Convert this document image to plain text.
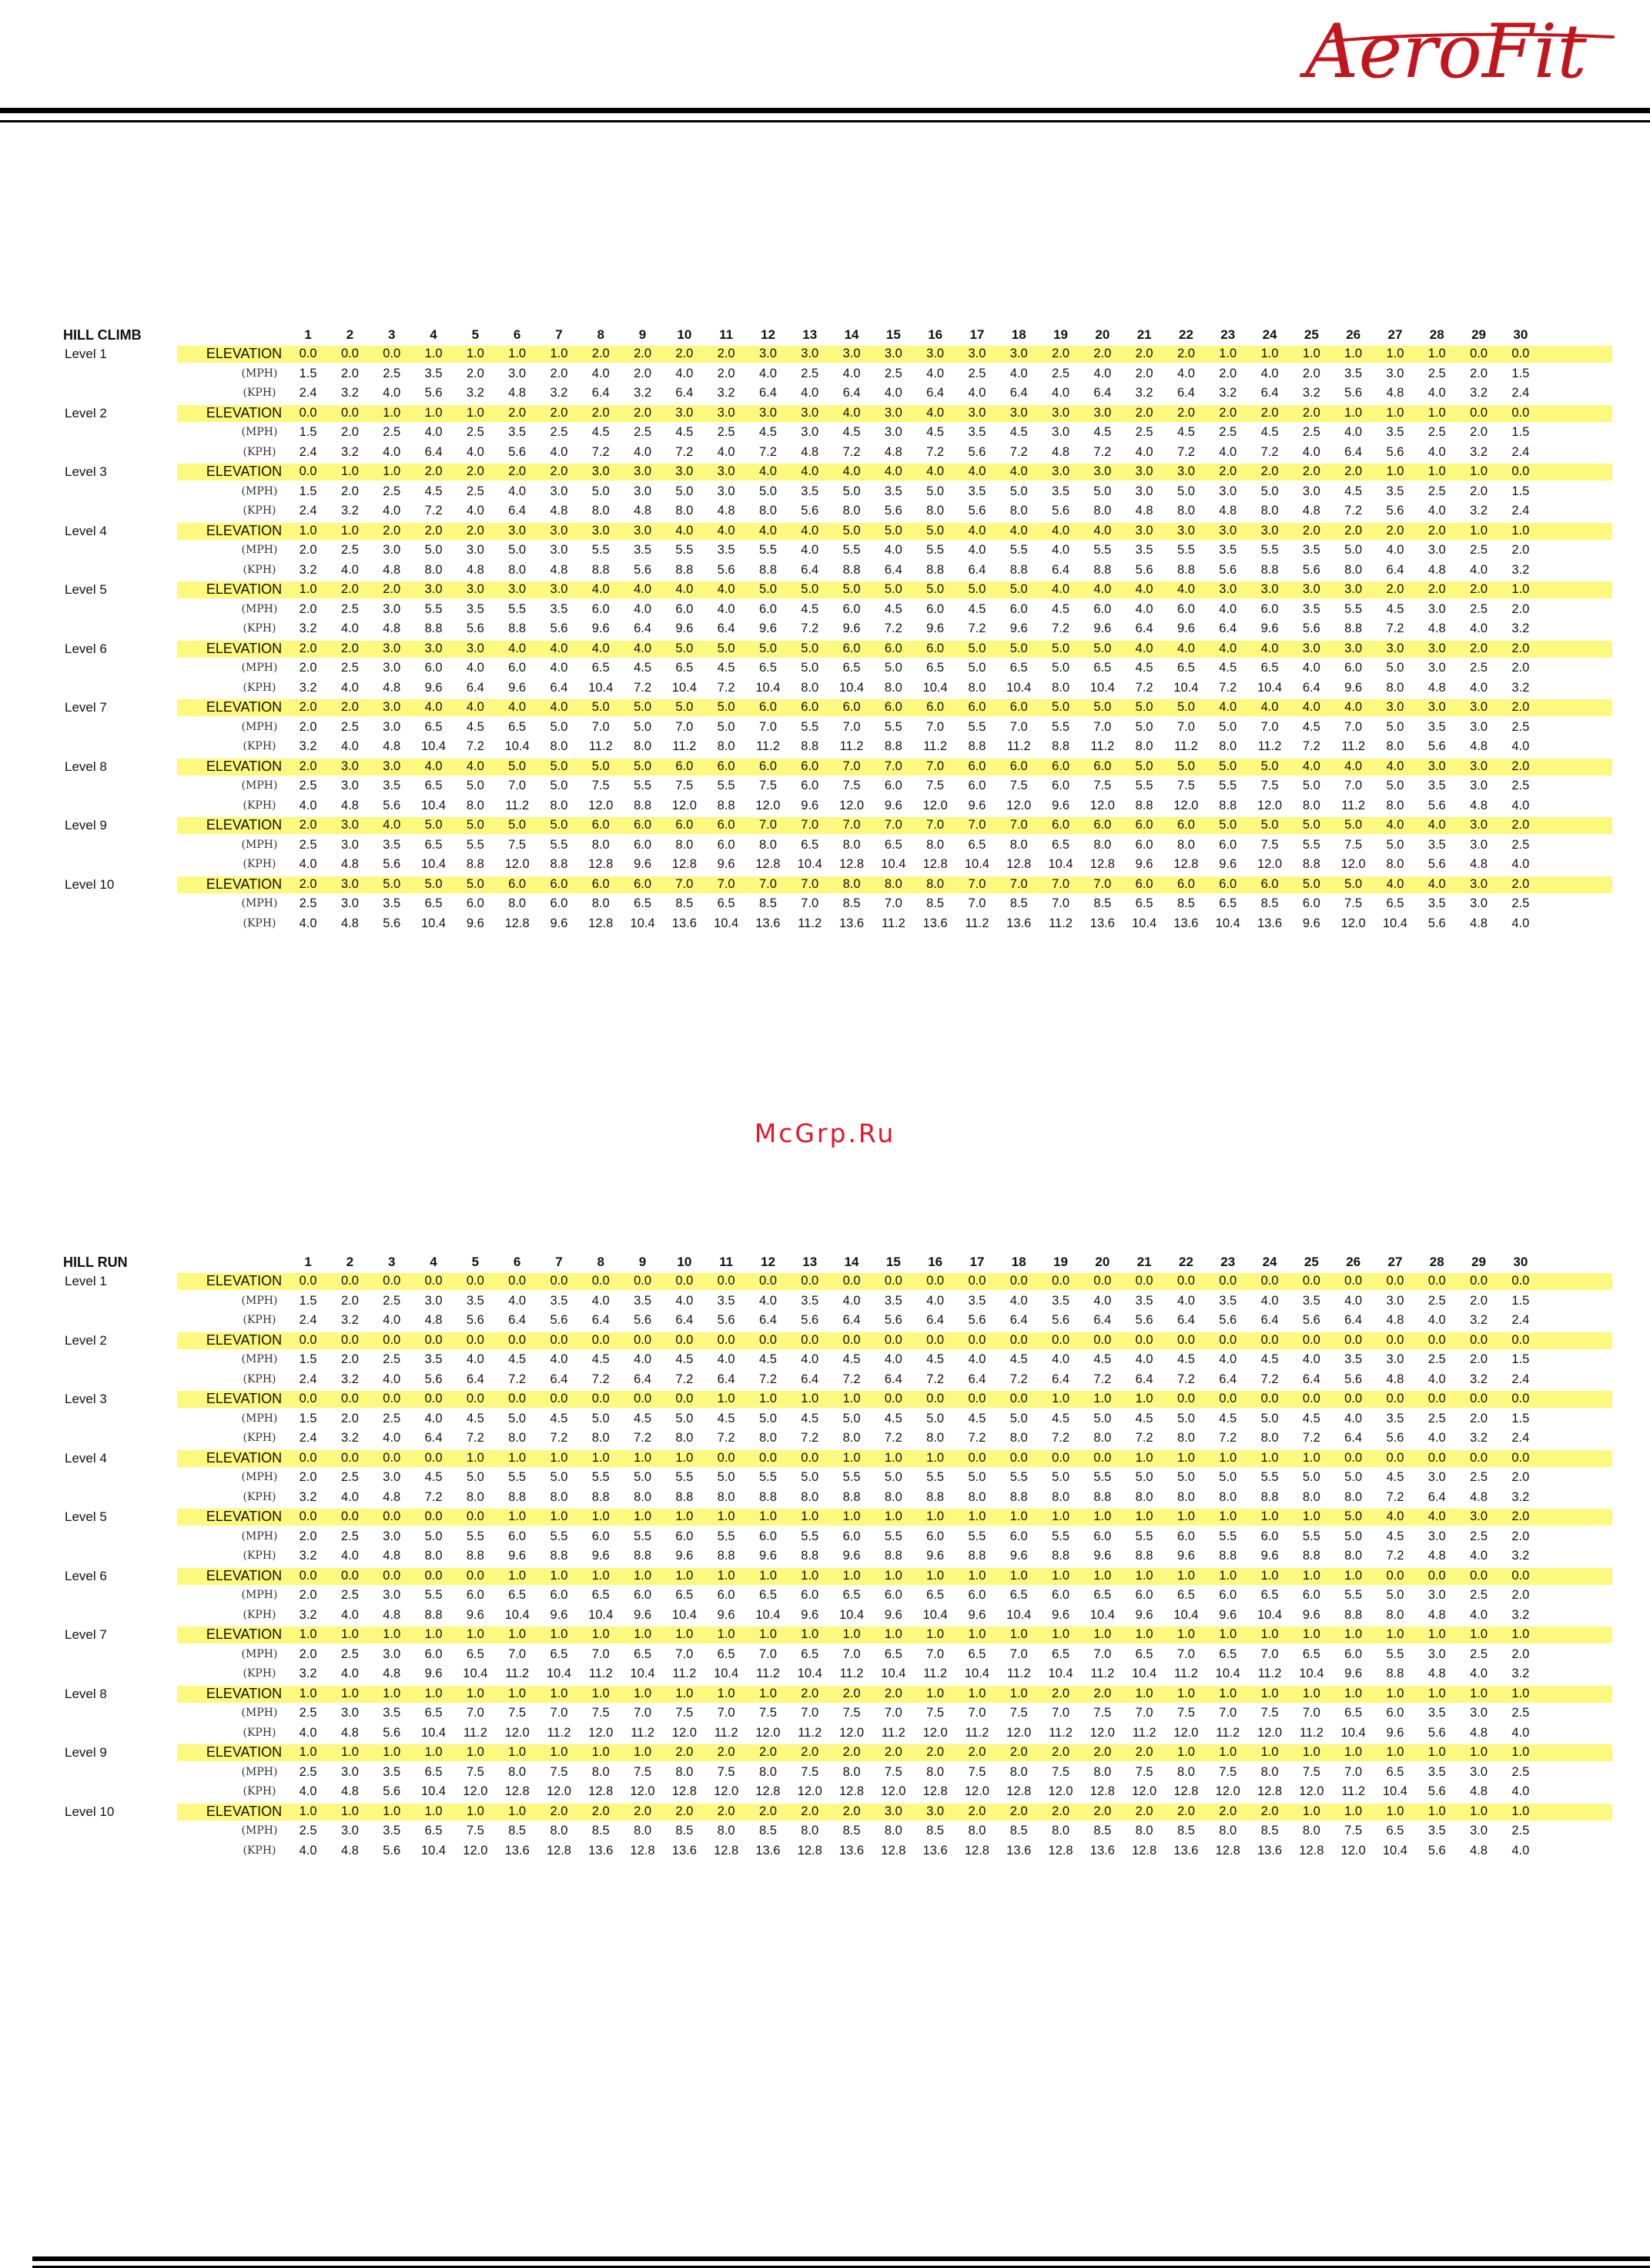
AeroFit
HILL CLIMB	1	2	3	4	5	6	7	8	9	10	11	12	13	14	15	16	17	18	19	20	21	22	23	24	25	26	27	28	29	30
Level 1	ELEVATION	0.0	0.0	0.0	1.0	1.0	1.0	1.0	2.0	2.0	2.0	2.0	3.0	3.0	3.0	3.0	3.0	3.0	3.0	2.0	2.0	2.0	2.0	1.0	1.0	1.0	1.0	1.0	1.0	0.0	0.0
(MPH)	1.5	2.0	2.5	3.5	2.0	3.0	2.0	4.0	2.0	4.0	2.0	4.0	2.5	4.0	2.5	4.0	2.5	4.0	2.5	4.0	2.0	4.0	2.0	4.0	2.0	3.5	3.0	2.5	2.0	1.5
(KPH)	2.4	3.2	4.0	5.6	3.2	4.8	3.2	6.4	3.2	6.4	3.2	6.4	4.0	6.4	4.0	6.4	4.0	6.4	4.0	6.4	3.2	6.4	3.2	6.4	3.2	5.6	4.8	4.0	3.2	2.4
Level 2	ELEVATION	0.0	0.0	1.0	1.0	1.0	2.0	2.0	2.0	2.0	3.0	3.0	3.0	3.0	4.0	3.0	4.0	3.0	3.0	3.0	3.0	2.0	2.0	2.0	2.0	2.0	1.0	1.0	1.0	0.0	0.0
(MPH)	1.5	2.0	2.5	4.0	2.5	3.5	2.5	4.5	2.5	4.5	2.5	4.5	3.0	4.5	3.0	4.5	3.5	4.5	3.0	4.5	2.5	4.5	2.5	4.5	2.5	4.0	3.5	2.5	2.0	1.5
(KPH)	2.4	3.2	4.0	6.4	4.0	5.6	4.0	7.2	4.0	7.2	4.0	7.2	4.8	7.2	4.8	7.2	5.6	7.2	4.8	7.2	4.0	7.2	4.0	7.2	4.0	6.4	5.6	4.0	3.2	2.4
Level 3	ELEVATION	0.0	1.0	1.0	2.0	2.0	2.0	2.0	3.0	3.0	3.0	3.0	4.0	4.0	4.0	4.0	4.0	4.0	4.0	3.0	3.0	3.0	3.0	2.0	2.0	2.0	2.0	1.0	1.0	1.0	0.0
(MPH)	1.5	2.0	2.5	4.5	2.5	4.0	3.0	5.0	3.0	5.0	3.0	5.0	3.5	5.0	3.5	5.0	3.5	5.0	3.5	5.0	3.0	5.0	3.0	5.0	3.0	4.5	3.5	2.5	2.0	1.5
(KPH)	2.4	3.2	4.0	7.2	4.0	6.4	4.8	8.0	4.8	8.0	4.8	8.0	5.6	8.0	5.6	8.0	5.6	8.0	5.6	8.0	4.8	8.0	4.8	8.0	4.8	7.2	5.6	4.0	3.2	2.4
Level 4	ELEVATION	1.0	1.0	2.0	2.0	2.0	3.0	3.0	3.0	3.0	4.0	4.0	4.0	4.0	5.0	5.0	5.0	4.0	4.0	4.0	4.0	3.0	3.0	3.0	3.0	2.0	2.0	2.0	2.0	1.0	1.0
(MPH)	2.0	2.5	3.0	5.0	3.0	5.0	3.0	5.5	3.5	5.5	3.5	5.5	4.0	5.5	4.0	5.5	4.0	5.5	4.0	5.5	3.5	5.5	3.5	5.5	3.5	5.0	4.0	3.0	2.5	2.0
(KPH)	3.2	4.0	4.8	8.0	4.8	8.0	4.8	8.8	5.6	8.8	5.6	8.8	6.4	8.8	6.4	8.8	6.4	8.8	6.4	8.8	5.6	8.8	5.6	8.8	5.6	8.0	6.4	4.8	4.0	3.2
Level 5	ELEVATION	1.0	2.0	2.0	3.0	3.0	3.0	3.0	4.0	4.0	4.0	4.0	5.0	5.0	5.0	5.0	5.0	5.0	5.0	4.0	4.0	4.0	4.0	3.0	3.0	3.0	3.0	2.0	2.0	2.0	1.0
(MPH)	2.0	2.5	3.0	5.5	3.5	5.5	3.5	6.0	4.0	6.0	4.0	6.0	4.5	6.0	4.5	6.0	4.5	6.0	4.5	6.0	4.0	6.0	4.0	6.0	3.5	5.5	4.5	3.0	2.5	2.0
(KPH)	3.2	4.0	4.8	8.8	5.6	8.8	5.6	9.6	6.4	9.6	6.4	9.6	7.2	9.6	7.2	9.6	7.2	9.6	7.2	9.6	6.4	9.6	6.4	9.6	5.6	8.8	7.2	4.8	4.0	3.2
Level 6	ELEVATION	2.0	2.0	3.0	3.0	3.0	4.0	4.0	4.0	4.0	5.0	5.0	5.0	5.0	6.0	6.0	6.0	5.0	5.0	5.0	5.0	4.0	4.0	4.0	4.0	3.0	3.0	3.0	3.0	2.0	2.0
(MPH)	2.0	2.5	3.0	6.0	4.0	6.0	4.0	6.5	4.5	6.5	4.5	6.5	5.0	6.5	5.0	6.5	5.0	6.5	5.0	6.5	4.5	6.5	4.5	6.5	4.0	6.0	5.0	3.0	2.5	2.0
(KPH)	3.2	4.0	4.8	9.6	6.4	9.6	6.4	10.4	7.2	10.4	7.2	10.4	8.0	10.4	8.0	10.4	8.0	10.4	8.0	10.4	7.2	10.4	7.2	10.4	6.4	9.6	8.0	4.8	4.0	3.2
Level 7	ELEVATION	2.0	2.0	3.0	4.0	4.0	4.0	4.0	5.0	5.0	5.0	5.0	6.0	6.0	6.0	6.0	6.0	6.0	6.0	5.0	5.0	5.0	5.0	4.0	4.0	4.0	4.0	3.0	3.0	3.0	2.0
(MPH)	2.0	2.5	3.0	6.5	4.5	6.5	5.0	7.0	5.0	7.0	5.0	7.0	5.5	7.0	5.5	7.0	5.5	7.0	5.5	7.0	5.0	7.0	5.0	7.0	4.5	7.0	5.0	3.5	3.0	2.5
(KPH)	3.2	4.0	4.8	10.4	7.2	10.4	8.0	11.2	8.0	11.2	8.0	11.2	8.8	11.2	8.8	11.2	8.8	11.2	8.8	11.2	8.0	11.2	8.0	11.2	7.2	11.2	8.0	5.6	4.8	4.0
Level 8	ELEVATION	2.0	3.0	3.0	4.0	4.0	5.0	5.0	5.0	5.0	6.0	6.0	6.0	6.0	7.0	7.0	7.0	6.0	6.0	6.0	6.0	5.0	5.0	5.0	5.0	4.0	4.0	4.0	3.0	3.0	2.0
(MPH)	2.5	3.0	3.5	6.5	5.0	7.0	5.0	7.5	5.5	7.5	5.5	7.5	6.0	7.5	6.0	7.5	6.0	7.5	6.0	7.5	5.5	7.5	5.5	7.5	5.0	7.0	5.0	3.5	3.0	2.5
(KPH)	4.0	4.8	5.6	10.4	8.0	11.2	8.0	12.0	8.8	12.0	8.8	12.0	9.6	12.0	9.6	12.0	9.6	12.0	9.6	12.0	8.8	12.0	8.8	12.0	8.0	11.2	8.0	5.6	4.8	4.0
Level 9	ELEVATION	2.0	3.0	4.0	5.0	5.0	5.0	5.0	6.0	6.0	6.0	6.0	7.0	7.0	7.0	7.0	7.0	7.0	7.0	6.0	6.0	6.0	6.0	5.0	5.0	5.0	5.0	4.0	4.0	3.0	2.0
(MPH)	2.5	3.0	3.5	6.5	5.5	7.5	5.5	8.0	6.0	8.0	6.0	8.0	6.5	8.0	6.5	8.0	6.5	8.0	6.5	8.0	6.0	8.0	6.0	7.5	5.5	7.5	5.0	3.5	3.0	2.5
(KPH)	4.0	4.8	5.6	10.4	8.8	12.0	8.8	12.8	9.6	12.8	9.6	12.8	10.4	12.8	10.4	12.8	10.4	12.8	10.4	12.8	9.6	12.8	9.6	12.0	8.8	12.0	8.0	5.6	4.8	4.0
Level 10	ELEVATION	2.0	3.0	5.0	5.0	5.0	6.0	6.0	6.0	6.0	7.0	7.0	7.0	7.0	8.0	8.0	8.0	7.0	7.0	7.0	7.0	6.0	6.0	6.0	6.0	5.0	5.0	4.0	4.0	3.0	2.0
(MPH)	2.5	3.0	3.5	6.5	6.0	8.0	6.0	8.0	6.5	8.5	6.5	8.5	7.0	8.5	7.0	8.5	7.0	8.5	7.0	8.5	6.5	8.5	6.5	8.5	6.0	7.5	6.5	3.5	3.0	2.5
(KPH)	4.0	4.8	5.6	10.4	9.6	12.8	9.6	12.8	10.4	13.6	10.4	13.6	11.2	13.6	11.2	13.6	11.2	13.6	11.2	13.6	10.4	13.6	10.4	13.6	9.6	12.0	10.4	5.6	4.8	4.0
McGrp.Ru
HILL RUN	1	2	3	4	5	6	7	8	9	10	11	12	13	14	15	16	17	18	19	20	21	22	23	24	25	26	27	28	29	30
Level 1	ELEVATION	0.0	0.0	0.0	0.0	0.0	0.0	0.0	0.0	0.0	0.0	0.0	0.0	0.0	0.0	0.0	0.0	0.0	0.0	0.0	0.0	0.0	0.0	0.0	0.0	0.0	0.0	0.0	0.0	0.0	0.0
(MPH)	1.5	2.0	2.5	3.0	3.5	4.0	3.5	4.0	3.5	4.0	3.5	4.0	3.5	4.0	3.5	4.0	3.5	4.0	3.5	4.0	3.5	4.0	3.5	4.0	3.5	4.0	3.0	2.5	2.0	1.5
(KPH)	2.4	3.2	4.0	4.8	5.6	6.4	5.6	6.4	5.6	6.4	5.6	6.4	5.6	6.4	5.6	6.4	5.6	6.4	5.6	6.4	5.6	6.4	5.6	6.4	5.6	6.4	4.8	4.0	3.2	2.4
Level 2	ELEVATION	0.0	0.0	0.0	0.0	0.0	0.0	0.0	0.0	0.0	0.0	0.0	0.0	0.0	0.0	0.0	0.0	0.0	0.0	0.0	0.0	0.0	0.0	0.0	0.0	0.0	0.0	0.0	0.0	0.0	0.0
(MPH)	1.5	2.0	2.5	3.5	4.0	4.5	4.0	4.5	4.0	4.5	4.0	4.5	4.0	4.5	4.0	4.5	4.0	4.5	4.0	4.5	4.0	4.5	4.0	4.5	4.0	3.5	3.0	2.5	2.0	1.5
(KPH)	2.4	3.2	4.0	5.6	6.4	7.2	6.4	7.2	6.4	7.2	6.4	7.2	6.4	7.2	6.4	7.2	6.4	7.2	6.4	7.2	6.4	7.2	6.4	7.2	6.4	5.6	4.8	4.0	3.2	2.4
Level 3	ELEVATION	0.0	0.0	0.0	0.0	0.0	0.0	0.0	0.0	0.0	0.0	1.0	1.0	1.0	1.0	0.0	0.0	0.0	0.0	1.0	1.0	1.0	0.0	0.0	0.0	0.0	0.0	0.0	0.0	0.0	0.0
(MPH)	1.5	2.0	2.5	4.0	4.5	5.0	4.5	5.0	4.5	5.0	4.5	5.0	4.5	5.0	4.5	5.0	4.5	5.0	4.5	5.0	4.5	5.0	4.5	5.0	4.5	4.0	3.5	2.5	2.0	1.5
(KPH)	2.4	3.2	4.0	6.4	7.2	8.0	7.2	8.0	7.2	8.0	7.2	8.0	7.2	8.0	7.2	8.0	7.2	8.0	7.2	8.0	7.2	8.0	7.2	8.0	7.2	6.4	5.6	4.0	3.2	2.4
Level 4	ELEVATION	0.0	0.0	0.0	0.0	1.0	1.0	1.0	1.0	1.0	1.0	0.0	0.0	0.0	1.0	1.0	1.0	0.0	0.0	0.0	0.0	1.0	1.0	1.0	1.0	1.0	0.0	0.0	0.0	0.0	0.0
(MPH)	2.0	2.5	3.0	4.5	5.0	5.5	5.0	5.5	5.0	5.5	5.0	5.5	5.0	5.5	5.0	5.5	5.0	5.5	5.0	5.5	5.0	5.0	5.0	5.5	5.0	5.0	4.5	3.0	2.5	2.0
(KPH)	3.2	4.0	4.8	7.2	8.0	8.8	8.0	8.8	8.0	8.8	8.0	8.8	8.0	8.8	8.0	8.8	8.0	8.8	8.0	8.8	8.0	8.0	8.0	8.8	8.0	8.0	7.2	6.4	4.8	3.2
Level 5	ELEVATION	0.0	0.0	0.0	0.0	0.0	1.0	1.0	1.0	1.0	1.0	1.0	1.0	1.0	1.0	1.0	1.0	1.0	1.0	1.0	1.0	1.0	1.0	1.0	1.0	1.0	5.0	4.0	4.0	3.0	2.0
(MPH)	2.0	2.5	3.0	5.0	5.5	6.0	5.5	6.0	5.5	6.0	5.5	6.0	5.5	6.0	5.5	6.0	5.5	6.0	5.5	6.0	5.5	6.0	5.5	6.0	5.5	5.0	4.5	3.0	2.5	2.0
(KPH)	3.2	4.0	4.8	8.0	8.8	9.6	8.8	9.6	8.8	9.6	8.8	9.6	8.8	9.6	8.8	9.6	8.8	9.6	8.8	9.6	8.8	9.6	8.8	9.6	8.8	8.0	7.2	4.8	4.0	3.2
Level 6	ELEVATION	0.0	0.0	0.0	0.0	0.0	1.0	1.0	1.0	1.0	1.0	1.0	1.0	1.0	1.0	1.0	1.0	1.0	1.0	1.0	1.0	1.0	1.0	1.0	1.0	1.0	1.0	0.0	0.0	0.0	0.0
(MPH)	2.0	2.5	3.0	5.5	6.0	6.5	6.0	6.5	6.0	6.5	6.0	6.5	6.0	6.5	6.0	6.5	6.0	6.5	6.0	6.5	6.0	6.5	6.0	6.5	6.0	5.5	5.0	3.0	2.5	2.0
(KPH)	3.2	4.0	4.8	8.8	9.6	10.4	9.6	10.4	9.6	10.4	9.6	10.4	9.6	10.4	9.6	10.4	9.6	10.4	9.6	10.4	9.6	10.4	9.6	10.4	9.6	8.8	8.0	4.8	4.0	3.2
Level 7	ELEVATION	1.0	1.0	1.0	1.0	1.0	1.0	1.0	1.0	1.0	1.0	1.0	1.0	1.0	1.0	1.0	1.0	1.0	1.0	1.0	1.0	1.0	1.0	1.0	1.0	1.0	1.0	1.0	1.0	1.0	1.0
(MPH)	2.0	2.5	3.0	6.0	6.5	7.0	6.5	7.0	6.5	7.0	6.5	7.0	6.5	7.0	6.5	7.0	6.5	7.0	6.5	7.0	6.5	7.0	6.5	7.0	6.5	6.0	5.5	3.0	2.5	2.0
(KPH)	3.2	4.0	4.8	9.6	10.4	11.2	10.4	11.2	10.4	11.2	10.4	11.2	10.4	11.2	10.4	11.2	10.4	11.2	10.4	11.2	10.4	11.2	10.4	11.2	10.4	9.6	8.8	4.8	4.0	3.2
Level 8	ELEVATION	1.0	1.0	1.0	1.0	1.0	1.0	1.0	1.0	1.0	1.0	1.0	1.0	2.0	2.0	2.0	1.0	1.0	1.0	2.0	2.0	1.0	1.0	1.0	1.0	1.0	1.0	1.0	1.0	1.0	1.0
(MPH)	2.5	3.0	3.5	6.5	7.0	7.5	7.0	7.5	7.0	7.5	7.0	7.5	7.0	7.5	7.0	7.5	7.0	7.5	7.0	7.5	7.0	7.5	7.0	7.5	7.0	6.5	6.0	3.5	3.0	2.5
(KPH)	4.0	4.8	5.6	10.4	11.2	12.0	11.2	12.0	11.2	12.0	11.2	12.0	11.2	12.0	11.2	12.0	11.2	12.0	11.2	12.0	11.2	12.0	11.2	12.0	11.2	10.4	9.6	5.6	4.8	4.0
Level 9	ELEVATION	1.0	1.0	1.0	1.0	1.0	1.0	1.0	1.0	1.0	2.0	2.0	2.0	2.0	2.0	2.0	2.0	2.0	2.0	2.0	2.0	2.0	1.0	1.0	1.0	1.0	1.0	1.0	1.0	1.0	1.0
(MPH)	2.5	3.0	3.5	6.5	7.5	8.0	7.5	8.0	7.5	8.0	7.5	8.0	7.5	8.0	7.5	8.0	7.5	8.0	7.5	8.0	7.5	8.0	7.5	8.0	7.5	7.0	6.5	3.5	3.0	2.5
(KPH)	4.0	4.8	5.6	10.4	12.0	12.8	12.0	12.8	12.0	12.8	12.0	12.8	12.0	12.8	12.0	12.8	12.0	12.8	12.0	12.8	12.0	12.8	12.0	12.8	12.0	11.2	10.4	5.6	4.8	4.0
Level 10	ELEVATION	1.0	1.0	1.0	1.0	1.0	1.0	2.0	2.0	2.0	2.0	2.0	2.0	2.0	2.0	3.0	3.0	2.0	2.0	2.0	2.0	2.0	2.0	2.0	2.0	1.0	1.0	1.0	1.0	1.0	1.0
(MPH)	2.5	3.0	3.5	6.5	7.5	8.5	8.0	8.5	8.0	8.5	8.0	8.5	8.0	8.5	8.0	8.5	8.0	8.5	8.0	8.5	8.0	8.5	8.0	8.5	8.0	7.5	6.5	3.5	3.0	2.5
(KPH)	4.0	4.8	5.6	10.4	12.0	13.6	12.8	13.6	12.8	13.6	12.8	13.6	12.8	13.6	12.8	13.6	12.8	13.6	12.8	13.6	12.8	13.6	12.8	13.6	12.8	12.0	10.4	5.6	4.8	4.0
